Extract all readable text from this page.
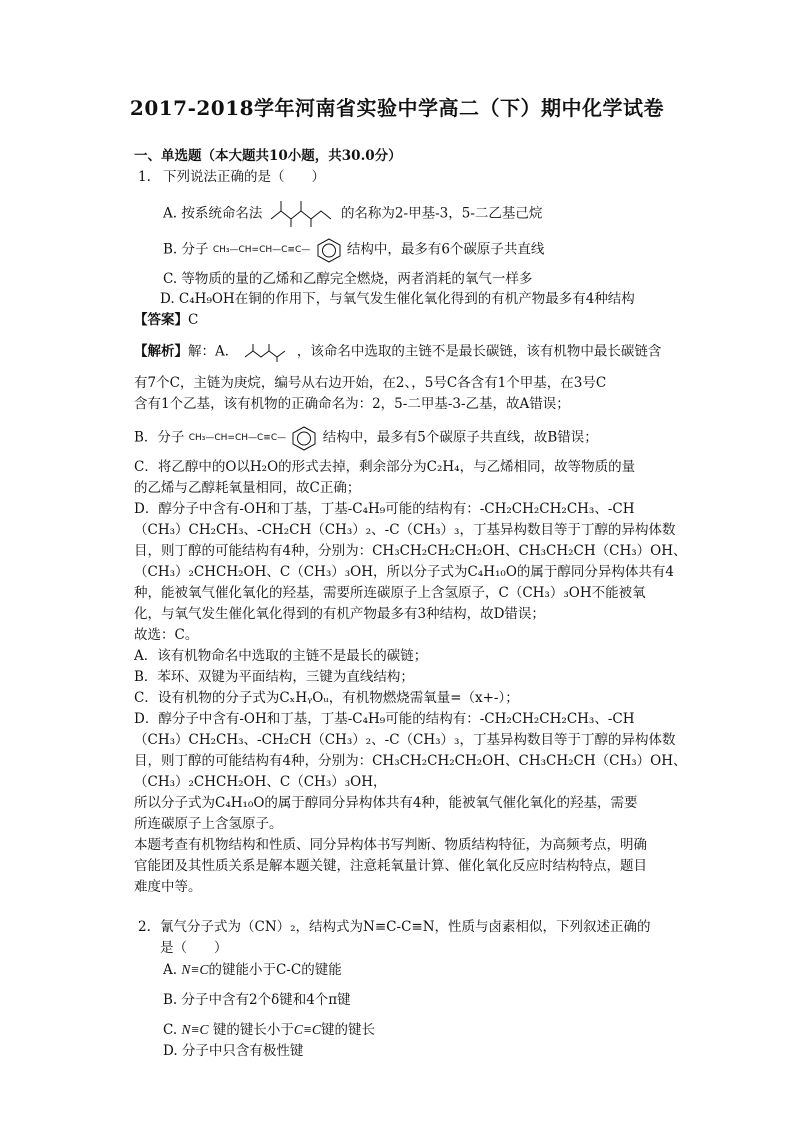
2017-2018学年河南省实验中学高二（下）期中化学试卷
一、单选题（本大题共10小题，共30.0分）
1. 下列说法正确的是（　　）
A. 按系统命名法	的名称为2-甲基-3，5-二乙基己烷
B. 分子 CH₃—CH=CH—C≡C—	结构中，最多有6个碳原子共直线
C. 等物质的量的乙烯和乙醇完全燃烧，两者消耗的氧气一样多
D. C₄H₉OH在铜的作用下，与氧气发生催化氧化得到的有机产物最多有4种结构
【答案】C
【解析】解：A．	，该命名中选取的主链不是最长碳链，该有机物中最长碳链含
有7个C，主链为庚烷，编号从右边开始，在2、，5号C各含有1个甲基，在3号C
含有1个乙基，该有机物的正确命名为：2，5-二甲基-3-乙基，故A错误；
B．分子 CH₃—CH=CH—C≡C—	结构中，最多有5个碳原子共直线，故B错误；
C．将乙醇中的O以H₂O的形式去掉，剩余部分为C₂H₄，与乙烯相同，故等物质的量
的乙烯与乙醇耗氧量相同，故C正确；
D．醇分子中含有-OH和丁基，丁基-C₄H₉可能的结构有：-CH₂CH₂CH₂CH₃、-CH
（CH₃）CH₂CH₃、-CH₂CH（CH₃）₂、-C（CH₃）₃，丁基异构数目等于丁醇的异构体数
目，则丁醇的可能结构有4种，分别为：CH₃CH₂CH₂CH₂OH、CH₃CH₂CH（CH₃）OH、
（CH₃）₂CHCH₂OH、C（CH₃）₃OH，所以分子式为C₄H₁₀O的属于醇同分异构体共有4
种，能被氧气催化氧化的羟基，需要所连碳原子上含氢原子，C（CH₃）₃OH不能被氧
化，与氧气发生催化氧化得到的有机产物最多有3种结构，故D错误；
故选：C。
A．该有机物命名中选取的主链不是最长的碳链；
B．苯环、双键为平面结构，三键为直线结构；
C．设有机物的分子式为CₓHᵧOᵤ，有机物燃烧需氧量=（x+-）；
D．醇分子中含有-OH和丁基，丁基-C₄H₉可能的结构有：-CH₂CH₂CH₂CH₃、-CH
（CH₃）CH₂CH₃、-CH₂CH（CH₃）₂、-C（CH₃）₃，丁基异构数目等于丁醇的异构体数
目，则丁醇的可能结构有4种，分别为：CH₃CH₂CH₂CH₂OH、CH₃CH₂CH（CH₃）OH、
（CH₃）₂CHCH₂OH、C（CH₃）₃OH，
所以分子式为C₄H₁₀O的属于醇同分异构体共有4种，能被氧气催化氧化的羟基，需要
所连碳原子上含氢原子。
本题考查有机物结构和性质、同分异构体书写判断、物质结构特征，为高频考点，明确
官能团及其性质关系是解本题关键，注意耗氧量计算、催化氧化反应时结构特点，题目
难度中等。
2. 氰气分子式为（CN）₂，结构式为N≡C-C≡N，性质与卤素相似，下列叙述正确的
是（　　）
A. N≡C的键能小于C-C的键能
B. 分子中含有2个δ键和4个π键
C. N≡C 键的键长小于C≡C键的键长
D. 分子中只含有极性键
